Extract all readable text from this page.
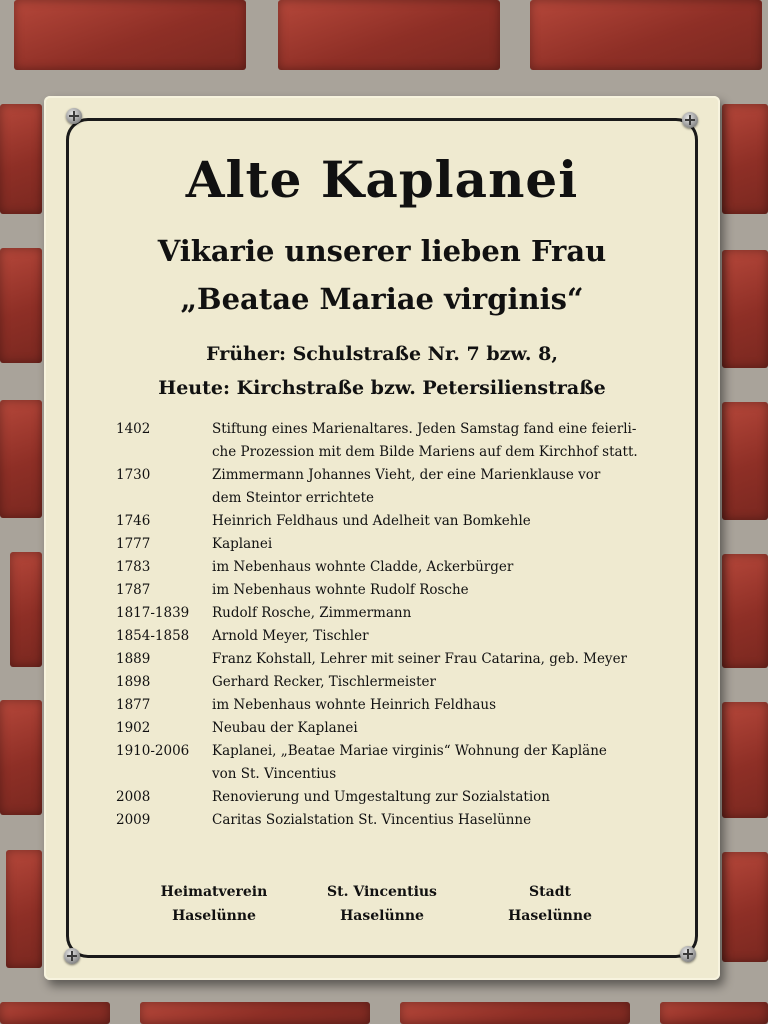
Alte Kaplanei
Vikarie unserer lieben Frau
„Beatae Mariae virginis“
Früher: Schulstraße Nr. 7 bzw. 8,
Heute: Kirchstraße bzw. Petersilienstraße
1402	Stiftung eines Marienaltares. Jeden Samstag fand eine feierli-
che Prozession mit dem Bilde Mariens auf dem Kirchhof statt.
1730	Zimmermann Johannes Vieht, der eine Marienklause vor
dem Steintor errichtete
1746	Heinrich Feldhaus und Adelheit van Bomkehle
1777	Kaplanei
1783	im Nebenhaus wohnte Cladde, Ackerbürger
1787	im Nebenhaus wohnte Rudolf Rosche
1817-1839	Rudolf Rosche, Zimmermann
1854-1858	Arnold Meyer, Tischler
1889	Franz Kohstall, Lehrer mit seiner Frau Catarina, geb. Meyer
1898	Gerhard Recker, Tischlermeister
1877	im Nebenhaus wohnte Heinrich Feldhaus
1902	Neubau der Kaplanei
1910-2006	Kaplanei, „Beatae Mariae virginis“ Wohnung der Kapläne
von St. Vincentius
2008	Renovierung und Umgestaltung zur Sozialstation
2009	Caritas Sozialstation St. Vincentius Haselünne
Heimatverein
Haselünne
St. Vincentius
Haselünne
Stadt
Haselünne
